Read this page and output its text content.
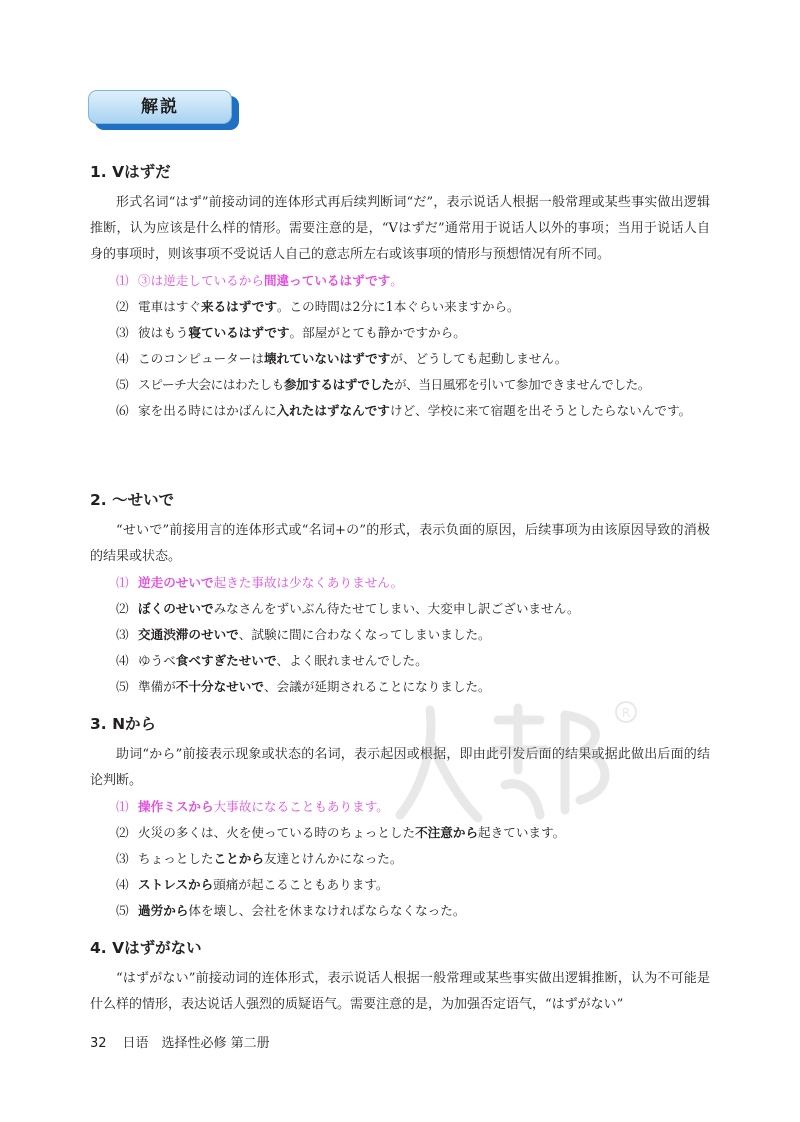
解説
1. Vはずだ

形式名词“はず”前接动词的连体形式再后续判断词“だ”，表示说话人根据一般常理或某些事实做出逻辑推断，认为应该是什么样的情形。需要注意的是，“Vはずだ”通常用于说话人以外的事项；当用于说话人自身的事项时，则该事项不受说话人自己的意志所左右或该事项的情形与预想情况有所不同。

⑴ ③は逆走しているから間違っているはずです。

⑵ 電車はすぐ来るはずです。この時間は2分に1本ぐらい来ますから。

⑶ 彼はもう寝ているはずです。部屋がとても静かですから。

⑷ このコンピューターは壊れていないはずですが、どうしても起動しません。

⑸ スピーチ大会にはわたしも参加するはずでしたが、当日風邪を引いて参加できませんでした。

⑹ 家を出る時にはかばんに入れたはずなんですけど、学校に来て宿題を出そうとしたらないんです。

2. ～せいで

“せいで”前接用言的连体形式或“名词+の”的形式，表示负面的原因，后续事项为由该原因导致的消极的结果或状态。

⑴ 逆走のせいで起きた事故は少なくありません。

⑵ ぼくのせいでみなさんをずいぶん待たせてしまい、大変申し訳ございません。

⑶ 交通渋滞のせいで、試験に間に合わなくなってしまいました。

⑷ ゆうべ食べすぎたせいで、よく眠れませんでした。

⑸ 準備が不十分なせいで、会議が延期されることになりました。

3. Nから

助词“から”前接表示现象或状态的名词，表示起因或根据，即由此引发后面的结果或据此做出后面的结论判断。

⑴ 操作ミスから大事故になることもあります。

⑵ 火災の多くは、火を使っている時のちょっとした不注意から起きています。

⑶ ちょっとしたことから友達とけんかになった。

⑷ ストレスから頭痛が起こることもあります。

⑸ 過労から体を壊し、会社を休まなければならなくなった。

4. Vはずがない

“はずがない”前接动词的连体形式，表示说话人根据一般常理或某些事实做出逻辑推断，认为不可能是什么样的情形，表达说话人强烈的质疑语气。需要注意的是，为加强否定语气，“はずがない”

R
32 日语　选择性必修 第二册
